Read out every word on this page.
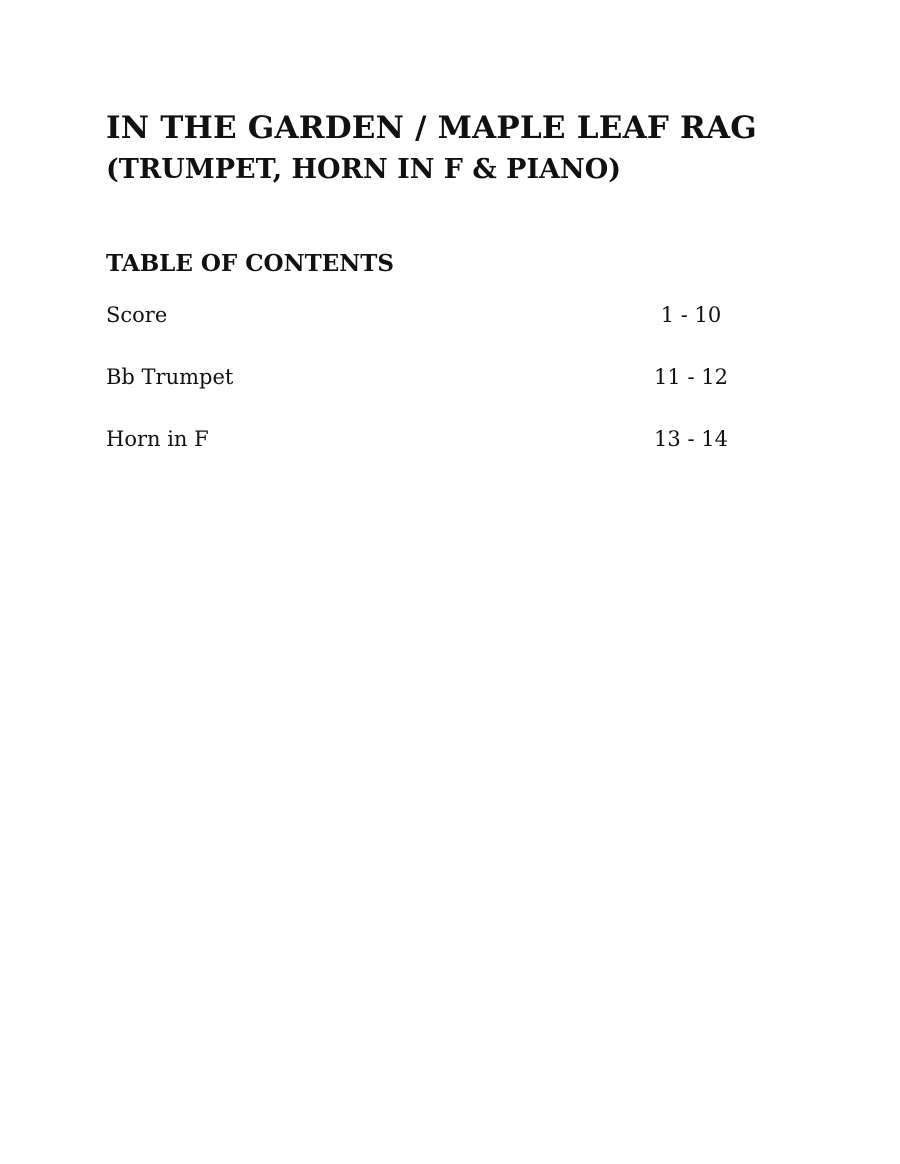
IN THE GARDEN / MAPLE LEAF RAG
(TRUMPET, HORN IN F & PIANO)
TABLE OF CONTENTS
Score	1 - 10
Bb Trumpet	11 - 12
Horn in F	13 - 14
